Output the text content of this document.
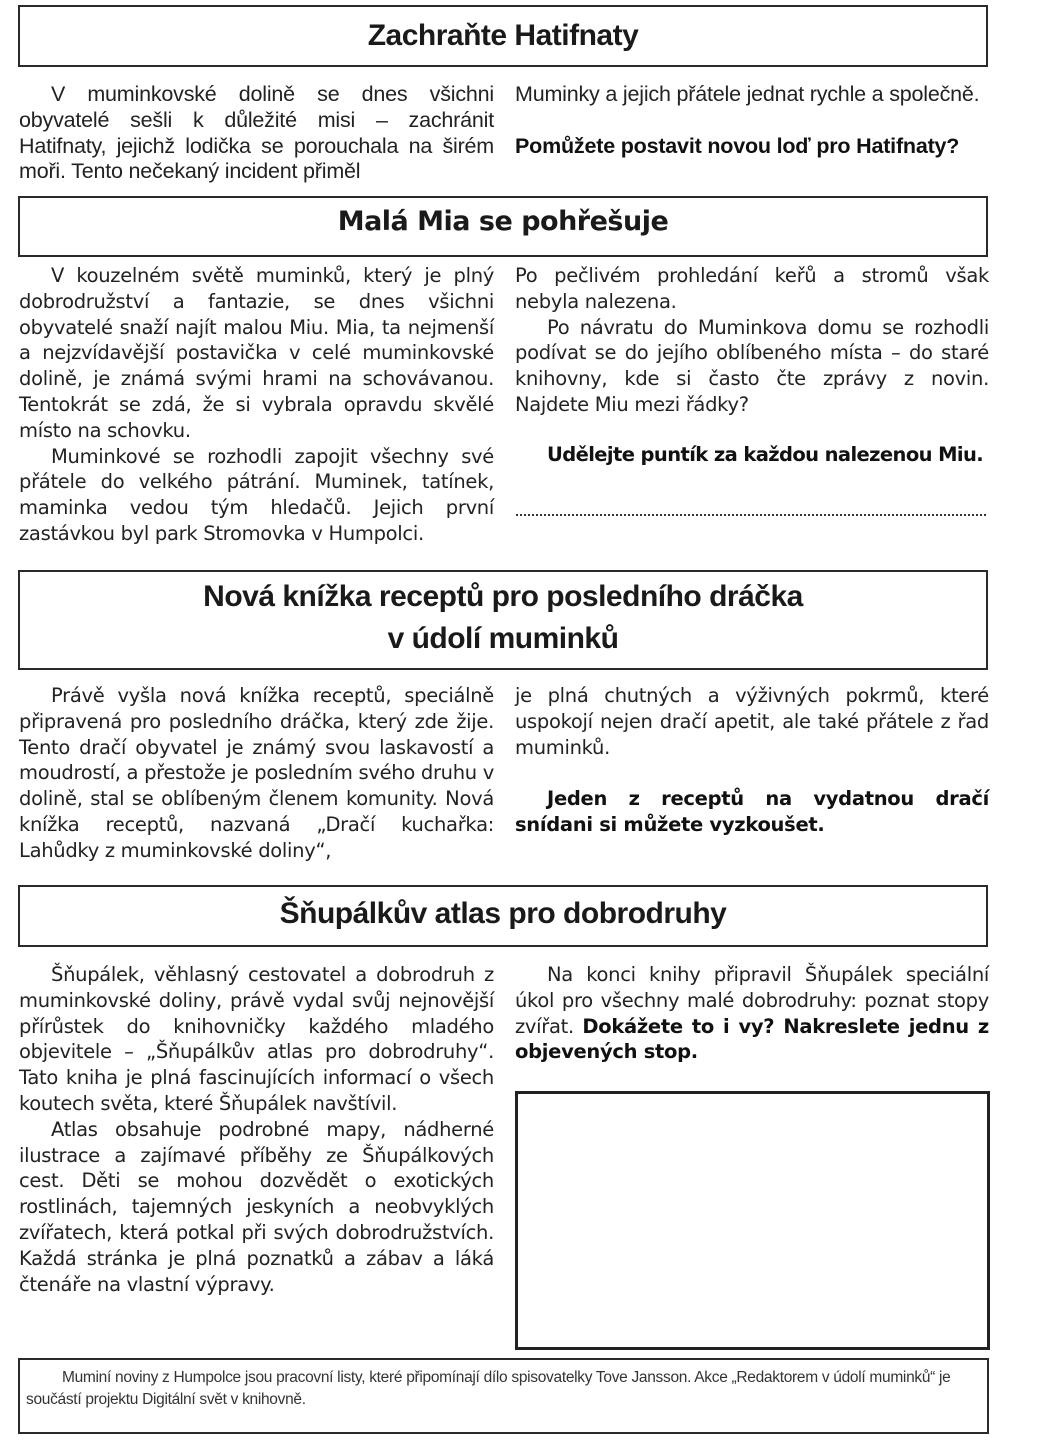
Zachraňte Hatifnaty

V muminkovské dolině se dnes všichni obyvatelé sešli k důležité misi – zachránit Hatifnaty, jejichž lodička se porouchala na širém moři. Tento nečekaný incident přiměl

Muminky a jejich přátele jednat rychle a společně.

Pomůžete postavit novou loď pro Hatifnaty?

Malá Mia se pohřešuje

V kouzelném světě muminků, který je plný dobrodružství a fantazie, se dnes všichni obyvatelé snaží najít malou Miu. Mia, ta nejmenší a nejzvídavější postavička v celé muminkovské dolině, je známá svými hrami na schovávanou. Tentokrát se zdá, že si vybrala opravdu skvělé místo na schovku.

Muminkové se rozhodli zapojit všechny své přátele do velkého pátrání. Muminek, tatínek, maminka vedou tým hledačů. Jejich první zastávkou byl park Stromovka v Humpolci.

Po pečlivém prohledání keřů a stromů však nebyla nalezena.

Po návratu do Muminkova domu se rozhodli podívat se do jejího oblíbeného místa – do staré knihovny, kde si často čte zprávy z novin. Najdete Miu mezi řádky?

Udělejte puntík za každou nalezenou Miu.

Nová knížka receptů pro posledního dráčka
v údolí muminků

Právě vyšla nová knížka receptů, speciálně připravená pro posledního dráčka, který zde žije. Tento dračí obyvatel je známý svou laskavostí a moudrostí, a přestože je posledním svého druhu v dolině, stal se oblíbeným členem komunity. Nová knížka receptů, nazvaná „Dračí kuchařka: Lahůdky z muminkovské doliny“,

je plná chutných a výživných pokrmů, které uspokojí nejen dračí apetit, ale také přátele z řad muminků.

Jeden z receptů na vydatnou dračí snídani si můžete vyzkoušet.

Šňupálkův atlas pro dobrodruhy

Šňupálek, věhlasný cestovatel a dobrodruh z muminkovské doliny, právě vydal svůj nejnovější přírůstek do knihovničky každého mladého objevitele – „Šňupálkův atlas pro dobrodruhy“. Tato kniha je plná fascinujících informací o všech koutech světa, které Šňupálek navštívil.

Atlas obsahuje podrobné mapy, nádherné ilustrace a zajímavé příběhy ze Šňupálkových cest. Děti se mohou dozvědět o exotických rostlinách, tajemných jeskyních a neobvyklých zvířatech, která potkal při svých dobrodružstvích. Každá stránka je plná poznatků a zábav a láká čtenáře na vlastní výpravy.

Na konci knihy připravil Šňupálek speciální úkol pro všechny malé dobrodruhy: poznat stopy zvířat. Dokážete to i vy? Nakreslete jednu z objevených stop.

Muminí noviny z Humpolce jsou pracovní listy, které připomínají dílo spisovatelky Tove Jansson. Akce „Redaktorem v údolí muminků“ je součástí projektu Digitální svět v knihovně.
